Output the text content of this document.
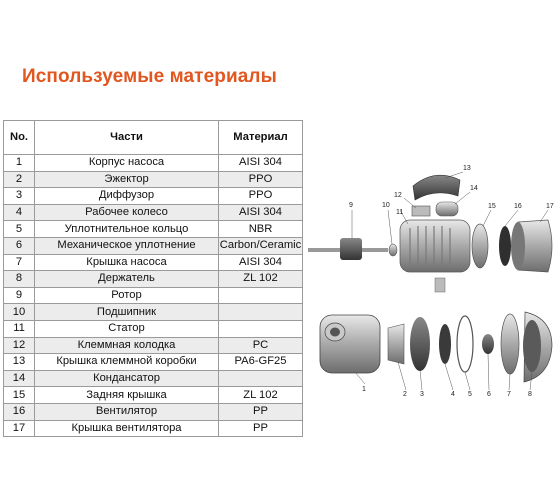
Используемые материалы
No.	Части	Материал
1	Корпус насоса	AISI 304
2	Эжектор	PPO
3	Диффузор	PPO
4	Рабочее колесо	AISI 304
5	Уплотнительное кольцо	NBR
6	Механическое уплотнение	Carbon/Ceramic
7	Крышка насоса	AISI 304
8	Держатель	ZL 102
9	Ротор	
10	Подшипник	
11	Статор	
12	Клеммная колодка	PC
13	Крышка клеммной коробки	PA6-GF25
14	Кондансатор	
15	Задняя крышка	ZL 102
16	Вентилятор	PP
17	Крышка вентилятора	PP
1
2 3	4 5 6 7 8
9	10
11
12
13
14
15	16	17
